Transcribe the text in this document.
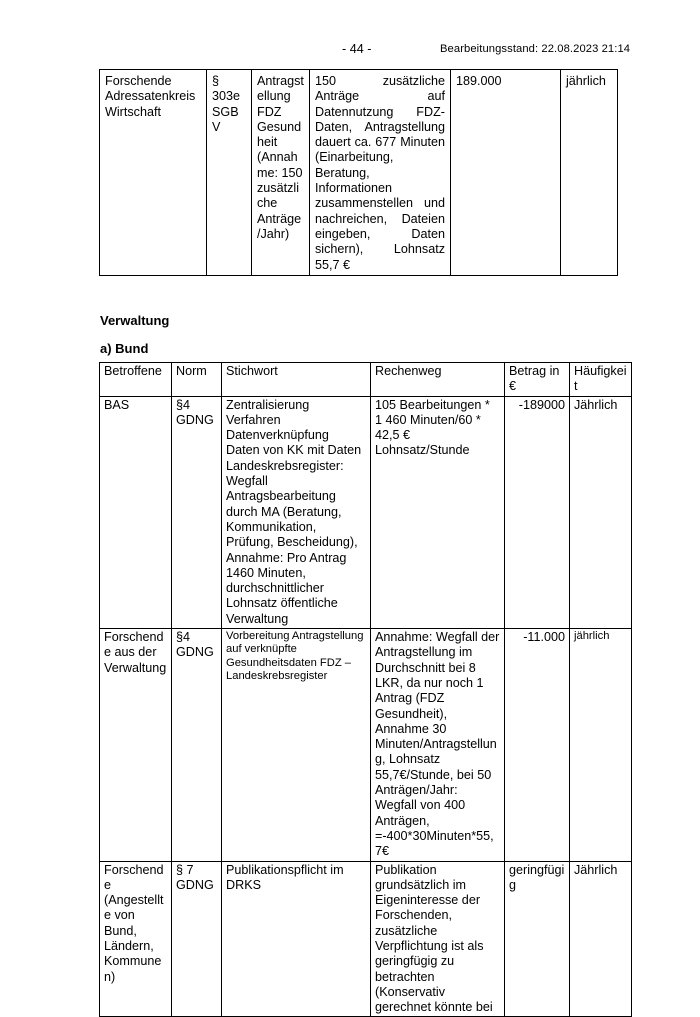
- 44 -	Bearbeitungsstand: 22.08.2023 21:14
Forschende Adressatenkreis Wirtschaft	§ 303e SGB V	Antragstellung FDZ Gesundheit (Annahme: 150 zusätzliche Anträge/Jahr)	150 zusätzliche Anträge auf Datennutzung FDZ-Daten, Antragstellung dauert ca. 677 Minuten (Einarbeitung, Beratung, Informationen zusammenstellen und nachreichen, Dateien eingeben, Daten sichern), Lohnsatz 55,7 €	189.000	jährlich
Verwaltung
a) Bund
Betroffene	Norm	Stichwort	Rechenweg	Betrag in €	Häufigkeit
BAS	§4 GDNG	Zentralisierung Verfahren Datenverknüpfung Daten von KK mit Daten Landeskrebsregister: Wegfall Antragsbearbeitung durch MA (Beratung, Kommunikation, Prüfung, Bescheidung), Annahme: Pro Antrag 1460 Minuten, durchschnittlicher Lohnsatz öffentliche Verwaltung	105 Bearbeitungen * 1 460 Minuten/60 * 42,5 € Lohnsatz/Stunde	-189000	Jährlich
Forschende aus der Verwaltung	§4 GDNG	Vorbereitung Antragstellung auf verknüpfte Gesundheitsdaten FDZ – Landeskrebsregister	Annahme: Wegfall der Antragstellung im Durchschnitt bei 8 LKR, da nur noch 1 Antrag (FDZ Gesundheit), Annahme 30 Minuten/Antragstellung, Lohnsatz 55,7€/Stunde, bei 50 Anträgen/Jahr: Wegfall von 400 Anträgen, =-400*30Minuten*55,7€	-11.000	jährlich
Forschende (Angestellte von Bund, Ländern, Kommunen)	§ 7 GDNG	Publikationspflicht im DRKS	Publikation grundsätzlich im Eigeninteresse der Forschenden, zusätzliche Verpflichtung ist als geringfügig zu betrachten (Konservativ gerechnet könnte bei	geringfügig	Jährlich
